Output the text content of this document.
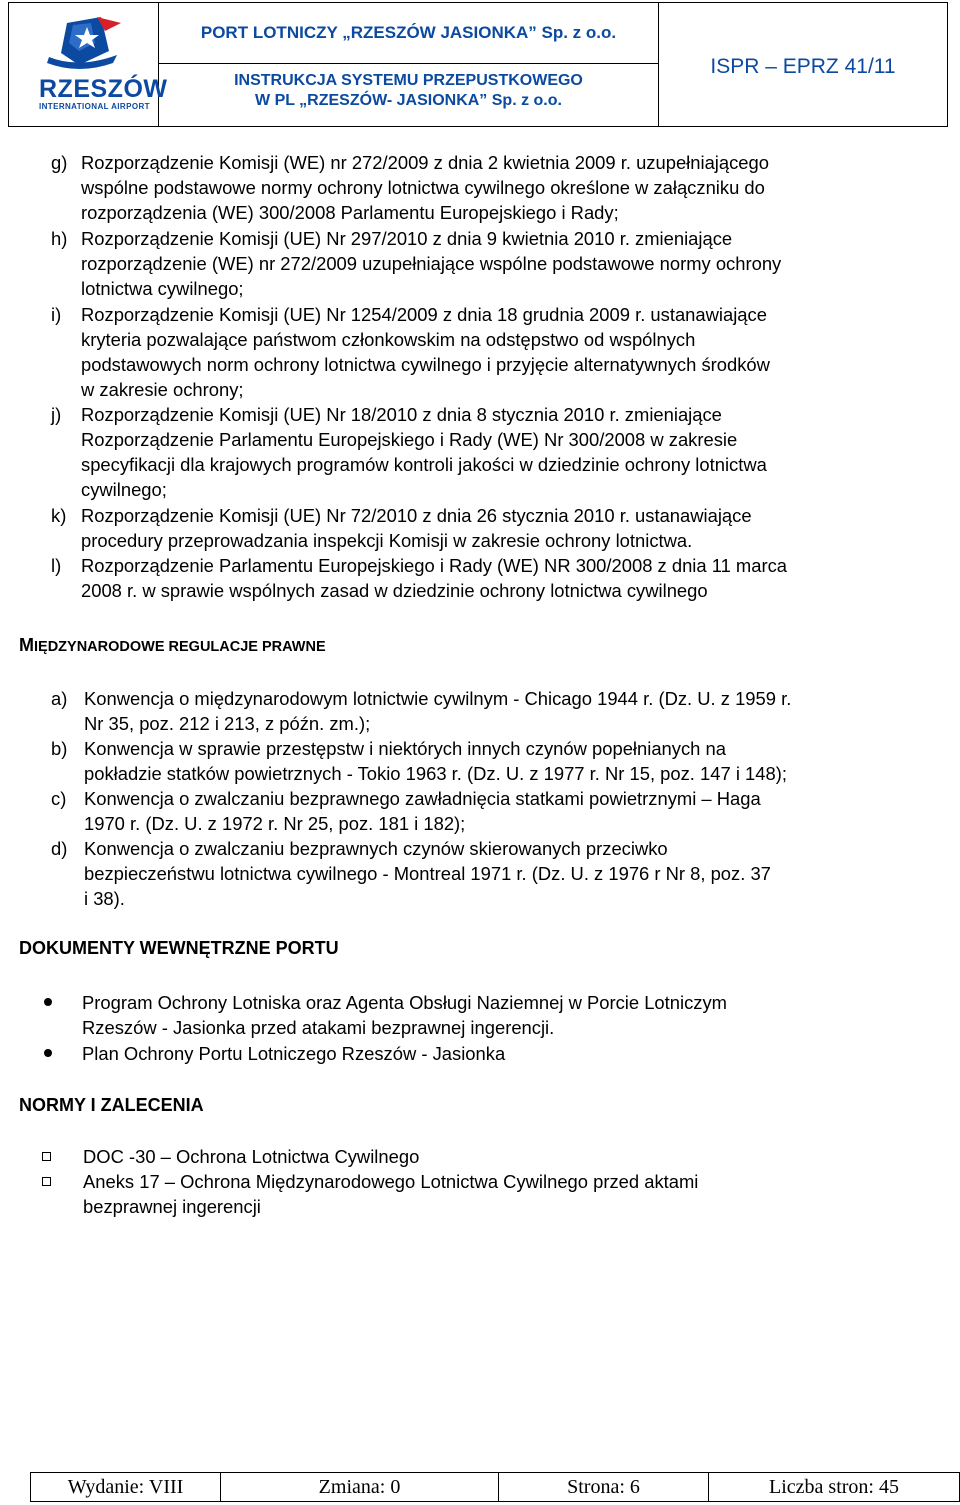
RZESZÓW
INTERNATIONAL AIRPORT
PORT LOTNICZY „RZESZÓW JASIONKA” Sp. z o.o.
INSTRUKCJA SYSTEMU PRZEPUSTKOWEGO
W PL „RZESZÓW- JASIONKA” Sp. z o.o.
ISPR – EPRZ 41/11
g) Rozporządzenie Komisji (WE) nr 272/2009 z dnia 2 kwietnia 2009 r. uzupełniającego
wspólne podstawowe normy ochrony lotnictwa cywilnego określone w załączniku do
rozporządzenia (WE) 300/2008 Parlamentu Europejskiego i Rady;
h) Rozporządzenie Komisji (UE) Nr 297/2010 z dnia 9 kwietnia 2010 r. zmieniające
rozporządzenie (WE) nr 272/2009 uzupełniające wspólne podstawowe normy ochrony
lotnictwa cywilnego;
i) Rozporządzenie Komisji (UE) Nr 1254/2009 z dnia 18 grudnia 2009 r. ustanawiające
kryteria pozwalające państwom członkowskim na odstępstwo od wspólnych
podstawowych norm ochrony lotnictwa cywilnego i przyjęcie alternatywnych środków
w zakresie ochrony;
j) Rozporządzenie Komisji (UE) Nr 18/2010 z dnia 8 stycznia 2010 r. zmieniające
Rozporządzenie Parlamentu Europejskiego i Rady (WE) Nr 300/2008 w zakresie
specyfikacji dla krajowych programów kontroli jakości w dziedzinie ochrony lotnictwa
cywilnego;
k) Rozporządzenie Komisji (UE) Nr 72/2010 z dnia 26 stycznia 2010 r. ustanawiające
procedury przeprowadzania inspekcji Komisji w zakresie ochrony lotnictwa.
l) Rozporządzenie Parlamentu Europejskiego i Rady (WE) NR 300/2008 z dnia 11 marca
2008 r. w sprawie wspólnych zasad w dziedzinie ochrony lotnictwa cywilnego
MIĘDZYNARODOWE REGULACJE PRAWNE
a) Konwencja o międzynarodowym lotnictwie cywilnym - Chicago 1944 r. (Dz. U. z 1959 r.
Nr 35, poz. 212 i 213, z późn. zm.);
b) Konwencja w sprawie przestępstw i niektórych innych czynów popełnianych na
pokładzie statków powietrznych - Tokio 1963 r. (Dz. U. z 1977 r. Nr 15, poz. 147 i 148);
c) Konwencja o zwalczaniu bezprawnego zawładnięcia statkami powietrznymi – Haga
1970 r. (Dz. U. z 1972 r. Nr 25, poz. 181 i 182);
d) Konwencja o zwalczaniu bezprawnych czynów skierowanych przeciwko
bezpieczeństwu lotnictwa cywilnego - Montreal 1971 r. (Dz. U. z 1976 r Nr 8, poz. 37
i 38).
DOKUMENTY WEWNĘTRZNE PORTU
Program Ochrony Lotniska oraz Agenta Obsługi Naziemnej w Porcie Lotniczym
Rzeszów - Jasionka przed atakami bezprawnej ingerencji.
Plan Ochrony Portu Lotniczego Rzeszów - Jasionka
NORMY I ZALECENIA
DOC -30 – Ochrona Lotnictwa Cywilnego
Aneks 17 – Ochrona Międzynarodowego Lotnictwa Cywilnego przed aktami
bezprawnej ingerencji
Wydanie: VIII	Zmiana: 0	Strona: 6	Liczba stron: 45
